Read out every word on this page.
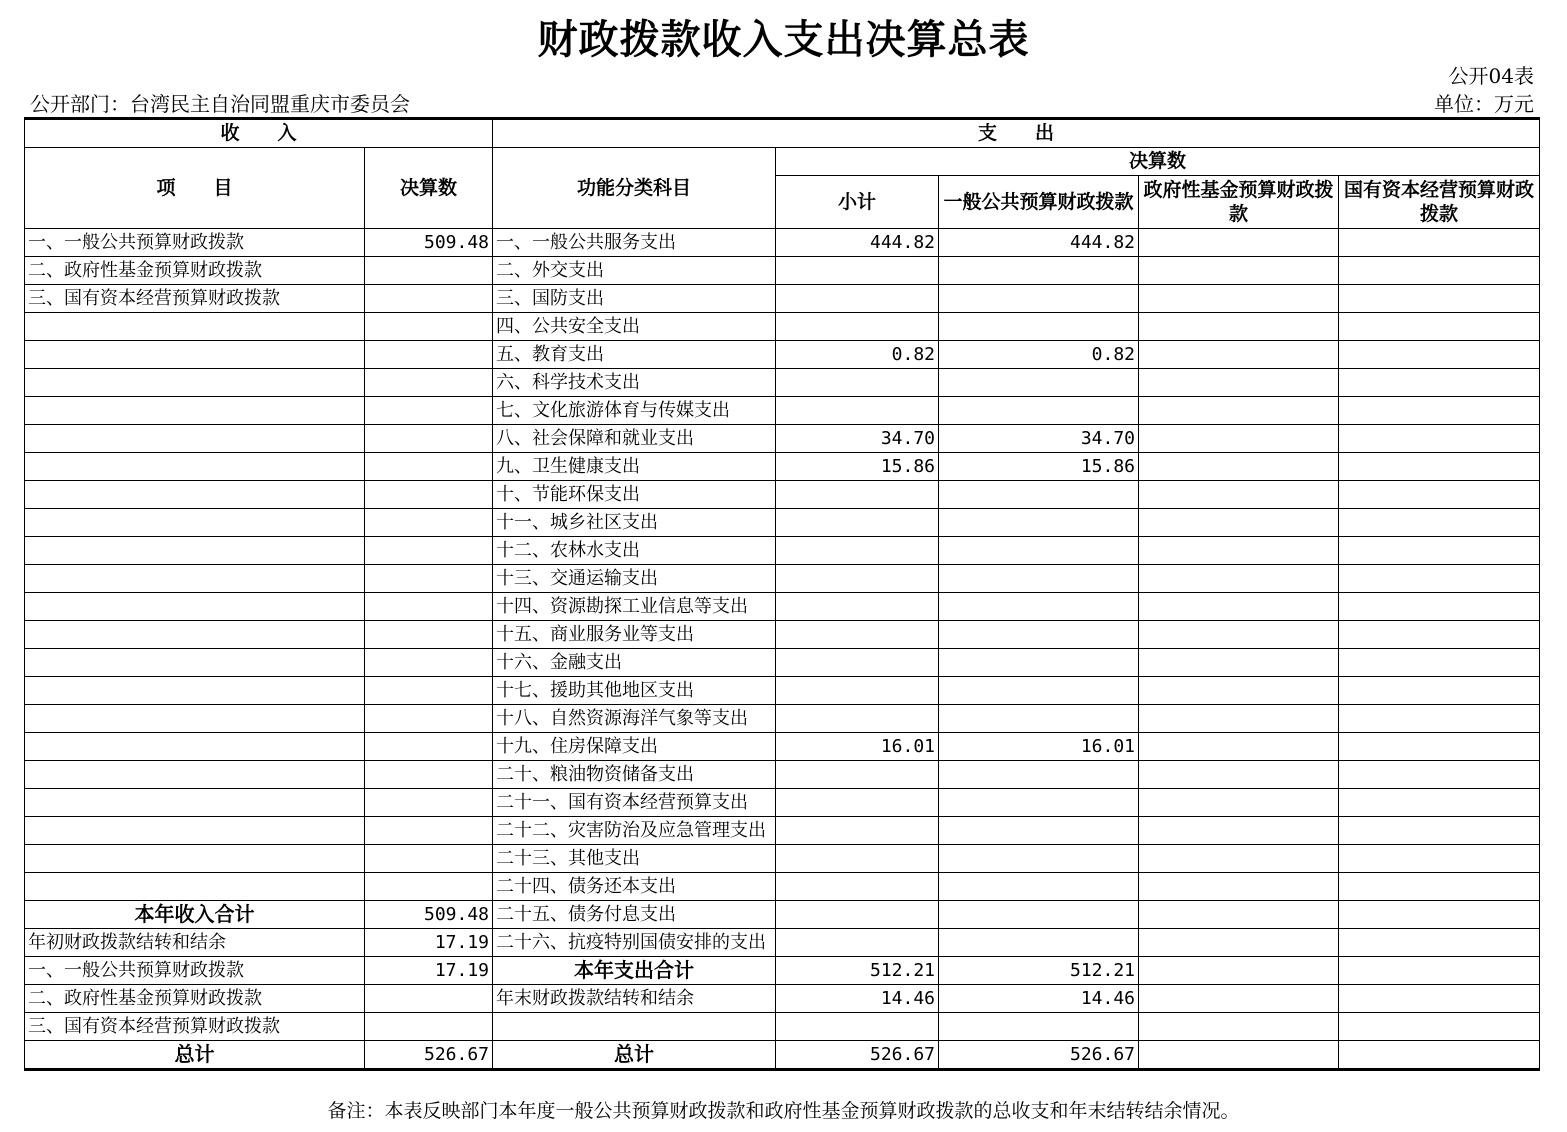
财政拨款收入支出决算总表
公开04表
公开部门：台湾民主自治同盟重庆市委员会	单位：万元
收　　入		支　　出				
项　　目	决算数	功能分类科目	决算数			
			小计	一般公共预算财政拨款	政府性基金预算财政拨款	国有资本经营预算财政拨款

一、一般公共预算财政拨款	509.48	一、一般公共服务支出	444.82	444.82		
二、政府性基金预算财政拨款		二、外交支出				
三、国有资本经营预算财政拨款		三、国防支出				
		四、公共安全支出				
		五、教育支出	0.82	0.82		
		六、科学技术支出				
		七、文化旅游体育与传媒支出				
		八、社会保障和就业支出	34.70	34.70		
		九、卫生健康支出	15.86	15.86		
		十、节能环保支出				
		十一、城乡社区支出				
		十二、农林水支出				
		十三、交通运输支出				
		十四、资源勘探工业信息等支出				
		十五、商业服务业等支出				
		十六、金融支出				
		十七、援助其他地区支出				
		十八、自然资源海洋气象等支出				
		十九、住房保障支出	16.01	16.01		
		二十、粮油物资储备支出				
		二十一、国有资本经营预算支出				
		二十二、灾害防治及应急管理支出				
		二十三、其他支出				
		二十四、债务还本支出				
本年收入合计	509.48	二十五、债务付息支出				
年初财政拨款结转和结余	17.19	二十六、抗疫特别国债安排的支出				
一、一般公共预算财政拨款	17.19	本年支出合计	512.21	512.21		
二、政府性基金预算财政拨款		年末财政拨款结转和结余	14.46	14.46		
三、国有资本经营预算财政拨款						
总计	526.67	总计	526.67	526.67		
备注：本表反映部门本年度一般公共预算财政拨款和政府性基金预算财政拨款的总收支和年末结转结余情况。
